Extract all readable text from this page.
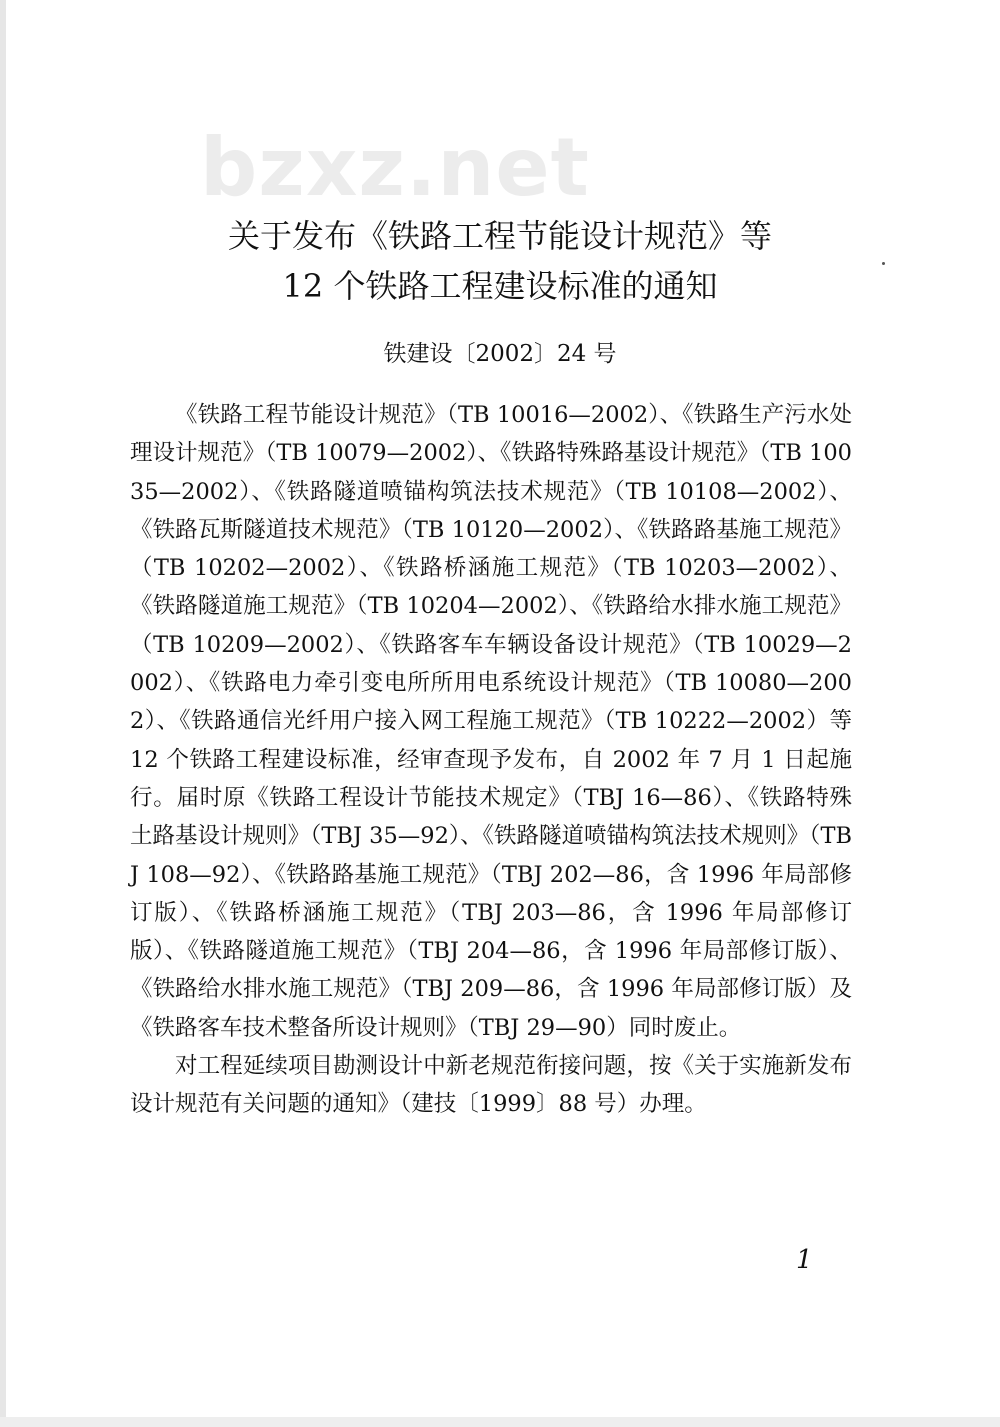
bzxz.net
关于发布《铁路工程节能设计规范》等
12 个铁路工程建设标准的通知
铁建设〔2002〕24 号

《铁路工程节能设计规范》（TB 10016—2002）、《铁路生产污水处理设计规范》（TB 10079—2002）、《铁路特殊路基设计规范》（TB 10035—2002）、《铁路隧道喷锚构筑法技术规范》（TB 10108—2002）、《铁路瓦斯隧道技术规范》（TB 10120—2002）、《铁路路基施工规范》（TB 10202—2002）、《铁路桥涵施工规范》（TB 10203—2002）、《铁路隧道施工规范》（TB 10204—2002）、《铁路给水排水施工规范》（TB 10209—2002）、《铁路客车车辆设备设计规范》（TB 10029—2002）、《铁路电力牵引变电所所用电系统设计规范》（TB 10080—2002）、《铁路通信光纤用户接入网工程施工规范》（TB 10222—2002）等 12 个铁路工程建设标准，经审查现予发布，自 2002 年 7 月 1 日起施行。届时原《铁路工程设计节能技术规定》（TBJ 16—86）、《铁路特殊土路基设计规则》（TBJ 35—92）、《铁路隧道喷锚构筑法技术规则》（TBJ 108—92）、《铁路路基施工规范》（TBJ 202—86，含 1996 年局部修订版）、《铁路桥涵施工规范》（TBJ 203—86，含 1996 年局部修订版）、《铁路隧道施工规范》（TBJ 204—86，含 1996 年局部修订版）、《铁路给水排水施工规范》（TBJ 209—86，含 1996 年局部修订版）及《铁路客车技术整备所设计规则》（TBJ 29—90）同时废止。

对工程延续项目勘测设计中新老规范衔接问题，按《关于实施新发布设计规范有关问题的通知》（建技〔1999〕88 号）办理。

1
